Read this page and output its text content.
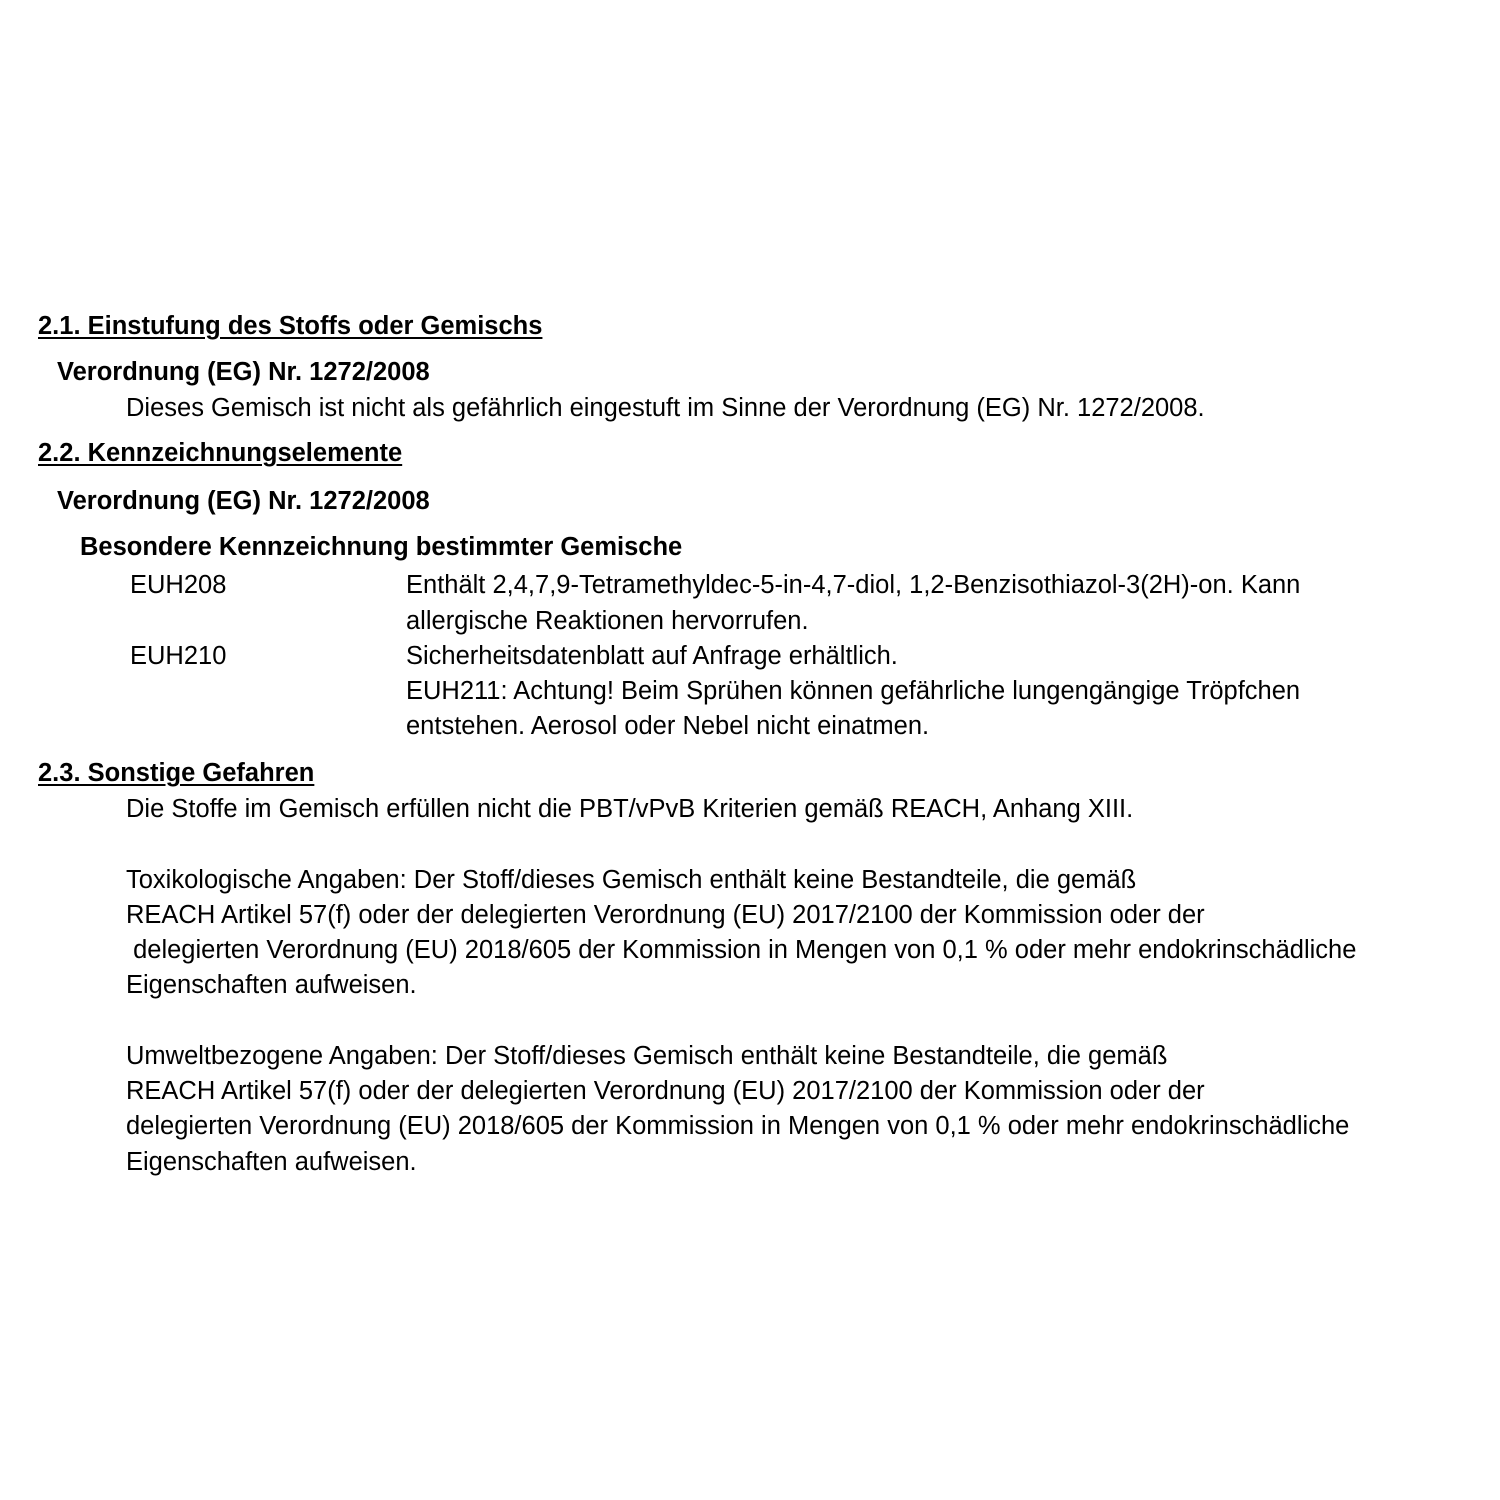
2.1. Einstufung des Stoffs oder Gemischs
Verordnung (EG) Nr. 1272/2008
Dieses Gemisch ist nicht als gefährlich eingestuft im Sinne der Verordnung (EG) Nr. 1272/2008.
2.2. Kennzeichnungselemente
Verordnung (EG) Nr. 1272/2008
Besondere Kennzeichnung bestimmter Gemische
EUH208	Enthält 2,4,7,9-Tetramethyldec-5-in-4,7-diol, 1,2-Benzisothiazol-3(2H)-on. Kann
allergische Reaktionen hervorrufen.
EUH210	Sicherheitsdatenblatt auf Anfrage erhältlich.
EUH211: Achtung! Beim Sprühen können gefährliche lungengängige Tröpfchen
entstehen. Aerosol oder Nebel nicht einatmen.
2.3. Sonstige Gefahren
Die Stoffe im Gemisch erfüllen nicht die PBT/vPvB Kriterien gemäß REACH, Anhang XIII.
Toxikologische Angaben: Der Stoff/dieses Gemisch enthält keine Bestandteile, die gemäß
REACH Artikel 57(f) oder der delegierten Verordnung (EU) 2017/2100 der Kommission oder der
delegierten Verordnung (EU) 2018/605 der Kommission in Mengen von 0,1 % oder mehr endokrinschädliche
Eigenschaften aufweisen.
Umweltbezogene Angaben: Der Stoff/dieses Gemisch enthält keine Bestandteile, die gemäß
REACH Artikel 57(f) oder der delegierten Verordnung (EU) 2017/2100 der Kommission oder der
delegierten Verordnung (EU) 2018/605 der Kommission in Mengen von 0,1 % oder mehr endokrinschädliche
Eigenschaften aufweisen.
